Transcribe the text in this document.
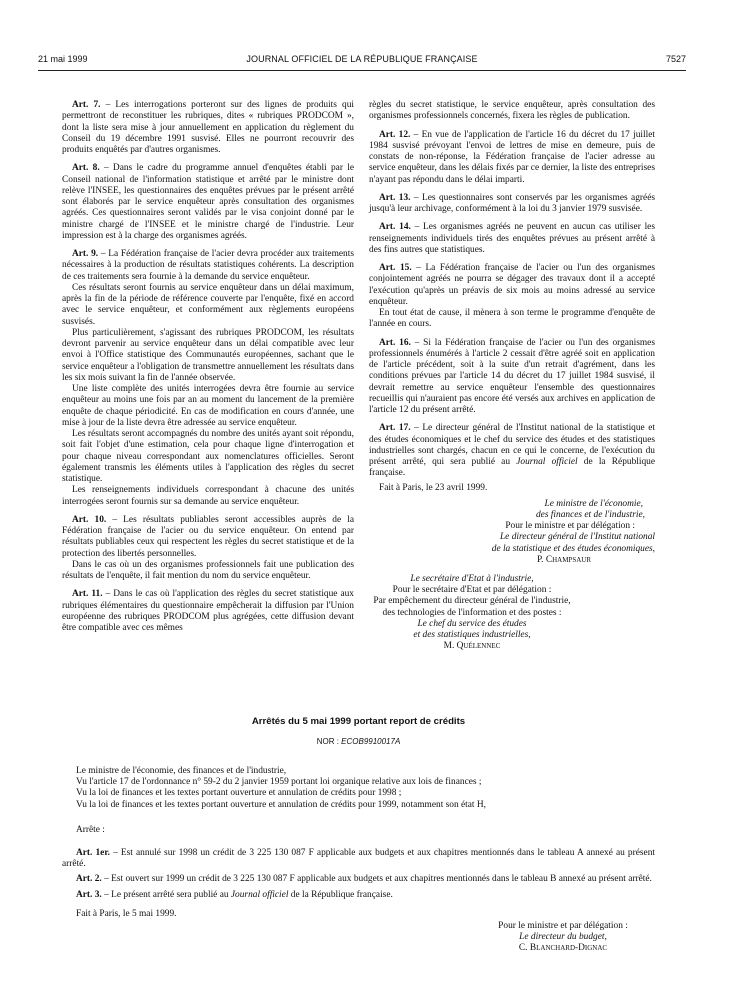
21 mai 1999	JOURNAL OFFICIEL DE LA RÉPUBLIQUE FRANÇAISE	7527

Art. 7. – Les interrogations porteront sur des lignes de produits qui permettront de reconstituer les rubriques, dites « rubriques PRODCOM », dont la liste sera mise à jour annuellement en application du règlement du Conseil du 19 décembre 1991 susvisé. Elles ne pourront recouvrir des produits enquêtés par d'autres organismes.

Art. 8. – Dans le cadre du programme annuel d'enquêtes établi par le Conseil national de l'information statistique et arrêté par le ministre dont relève l'INSEE, les questionnaires des enquêtes prévues par le présent arrêté sont élaborés par le service enquêteur après consultation des organismes agréés. Ces questionnaires seront validés par le visa conjoint donné par le ministre chargé de l'INSEE et le ministre chargé de l'industrie. Leur impression est à la charge des organismes agréés.

Art. 9. – La Fédération française de l'acier devra procéder aux traitements nécessaires à la production de résultats statistiques cohérents. La description de ces traitements sera fournie à la demande du service enquêteur.

Ces résultats seront fournis au service enquêteur dans un délai maximum, après la fin de la période de référence couverte par l'enquête, fixé en accord avec le service enquêteur, et conformément aux règlements européens susvisés.

Plus particulièrement, s'agissant des rubriques PRODCOM, les résultats devront parvenir au service enquêteur dans un délai compatible avec leur envoi à l'Office statistique des Communautés européennes, sachant que le service enquêteur a l'obligation de transmettre annuellement les résultats dans les six mois suivant la fin de l'année observée.

Une liste complète des unités interrogées devra être fournie au service enquêteur au moins une fois par an au moment du lancement de la première enquête de chaque périodicité. En cas de modification en cours d'année, une mise à jour de la liste devra être adressée au service enquêteur.

Les résultats seront accompagnés du nombre des unités ayant soit répondu, soit fait l'objet d'une estimation, cela pour chaque ligne d'interrogation et pour chaque niveau correspondant aux nomenclatures officielles. Seront également transmis les éléments utiles à l'application des règles du secret statistique.

Les renseignements individuels correspondant à chacune des unités interrogées seront fournis sur sa demande au service enquêteur.

Art. 10. – Les résultats publiables seront accessibles auprès de la Fédération française de l'acier ou du service enquêteur. On entend par résultats publiables ceux qui respectent les règles du secret statistique et de la protection des libertés personnelles.

Dans le cas où un des organismes professionnels fait une publication des résultats de l'enquête, il fait mention du nom du service enquêteur.

Art. 11. – Dans le cas où l'application des règles du secret statistique aux rubriques élémentaires du questionnaire empêcherait la diffusion par l'Union européenne des rubriques PRODCOM plus agrégées, cette diffusion devant être compatible avec ces mêmes

règles du secret statistique, le service enquêteur, après consultation des organismes professionnels concernés, fixera les règles de publication.

Art. 12. – En vue de l'application de l'article 16 du décret du 17 juillet 1984 susvisé prévoyant l'envoi de lettres de mise en demeure, puis de constats de non-réponse, la Fédération française de l'acier adresse au service enquêteur, dans les délais fixés par ce dernier, la liste des entreprises n'ayant pas répondu dans le délai imparti.

Art. 13. – Les questionnaires sont conservés par les organismes agréés jusqu'à leur archivage, conformément à la loi du 3 janvier 1979 susvisée.

Art. 14. – Les organismes agréés ne peuvent en aucun cas utiliser les renseignements individuels tirés des enquêtes prévues au présent arrêté à des fins autres que statistiques.

Art. 15. – La Fédération française de l'acier ou l'un des organismes conjointement agréés ne pourra se dégager des travaux dont il a accepté l'exécution qu'après un préavis de six mois au moins adressé au service enquêteur.

En tout état de cause, il mènera à son terme le programme d'enquête de l'année en cours.

Art. 16. – Si la Fédération française de l'acier ou l'un des organismes professionnels énumérés à l'article 2 cessait d'être agréé soit en application de l'article précédent, soit à la suite d'un retrait d'agrément, dans les conditions prévues par l'article 14 du décret du 17 juillet 1984 susvisé, il devrait remettre au service enquêteur l'ensemble des questionnaires recueillis qui n'auraient pas encore été versés aux archives en application de l'article 12 du présent arrêté.

Art. 17. – Le directeur général de l'Institut national de la statistique et des études économiques et le chef du service des études et des statistiques industrielles sont chargés, chacun en ce qui le concerne, de l'exécution du présent arrêté, qui sera publié au Journal officiel de la République française.

Fait à Paris, le 23 avril 1999.

Le ministre de l'économie,
des finances et de l'industrie,
Pour le ministre et par délégation :
Le directeur général de l'Institut national
de la statistique et des études économiques,
P. Champsaur
Le secrétaire d'Etat à l'industrie,
Pour le secrétaire d'Etat et par délégation :
Par empêchement du directeur général de l'industrie,
des technologies de l'information et des postes :
Le chef du service des études
et des statistiques industrielles,
M. Quélennec
Arrêtés du 5 mai 1999 portant report de crédits
NOR : ECOB9910017A

Le ministre de l'économie, des finances et de l'industrie,

Vu l'article 17 de l'ordonnance n° 59-2 du 2 janvier 1959 portant loi organique relative aux lois de finances ;

Vu la loi de finances et les textes portant ouverture et annulation de crédits pour 1998 ;

Vu la loi de finances et les textes portant ouverture et annulation de crédits pour 1999, notamment son état H,

Arrête :

Art. 1er. – Est annulé sur 1998 un crédit de 3 225 130 087 F applicable aux budgets et aux chapitres mentionnés dans le tableau A annexé au présent arrêté.

Art. 2. – Est ouvert sur 1999 un crédit de 3 225 130 087 F applicable aux budgets et aux chapitres mentionnés dans le tableau B annexé au présent arrêté.

Art. 3. – Le présent arrêté sera publié au Journal officiel de la République française.

Fait à Paris, le 5 mai 1999.

Pour le ministre et par délégation :
Le directeur du budget,
C. Blanchard-Dignac
